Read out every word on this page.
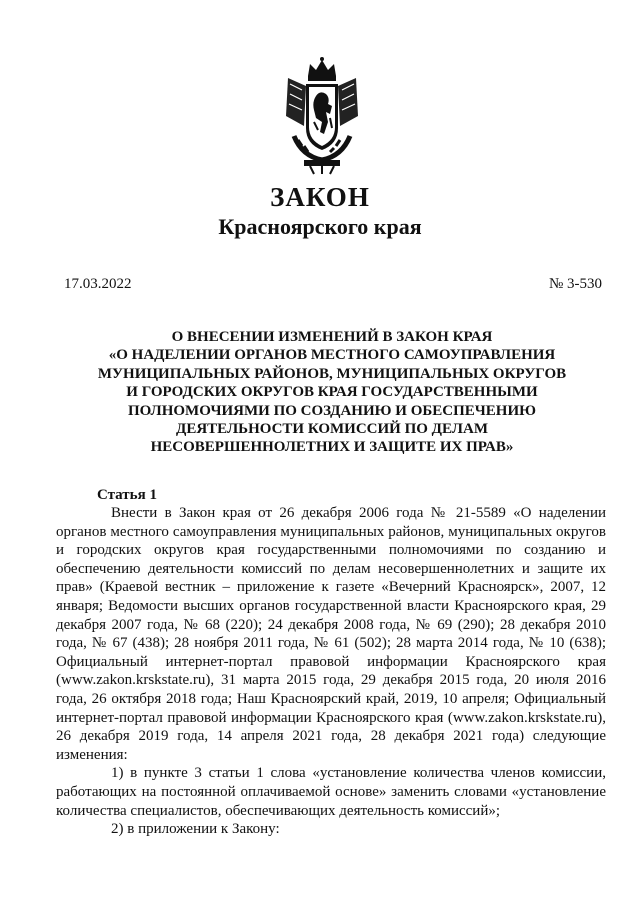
ЗАКОН
Красноярского края
17.03.2022	№ 3-530
О ВНЕСЕНИИ ИЗМЕНЕНИЙ В ЗАКОН КРАЯ
«О НАДЕЛЕНИИ ОРГАНОВ МЕСТНОГО САМОУПРАВЛЕНИЯ
МУНИЦИПАЛЬНЫХ РАЙОНОВ, МУНИЦИПАЛЬНЫХ ОКРУГОВ
И ГОРОДСКИХ ОКРУГОВ КРАЯ ГОСУДАРСТВЕННЫМИ
ПОЛНОМОЧИЯМИ ПО СОЗДАНИЮ И ОБЕСПЕЧЕНИЮ
ДЕЯТЕЛЬНОСТИ КОМИССИЙ ПО ДЕЛАМ
НЕСОВЕРШЕННОЛЕТНИХ И ЗАЩИТЕ ИХ ПРАВ»
Статья 1

Внести в Закон края от 26 декабря 2006 года № 21-5589 «О наделении органов местного самоуправления муниципальных районов, муниципальных округов и городских округов края государственными полномочиями по созданию и обеспечению деятельности комиссий по делам несовершеннолетних и защите их прав» (Краевой вестник – приложение к газете «Вечерний Красноярск», 2007, 12 января; Ведомости высших органов государственной власти Красноярского края, 29 декабря 2007 года, № 68 (220); 24 декабря 2008 года, № 69 (290); 28 декабря 2010 года, № 67 (438); 28 ноября 2011 года, № 61 (502); 28 марта 2014 года, № 10 (638); Официальный интернет-портал правовой информации Красноярского края (www.zakon.krskstate.ru), 31 марта 2015 года, 29 декабря 2015 года, 20 июля 2016 года, 26 октября 2018 года; Наш Красноярский край, 2019, 10 апреля; Официальный интернет-портал правовой информации Красноярского края (www.zakon.krskstate.ru), 26 декабря 2019 года, 14 апреля 2021 года, 28 декабря 2021 года) следующие изменения:

1) в пункте 3 статьи 1 слова «установление количества членов комиссии, работающих на постоянной оплачиваемой основе» заменить словами «установление количества специалистов, обеспечивающих деятельность комиссий»;

2) в приложении к Закону:
